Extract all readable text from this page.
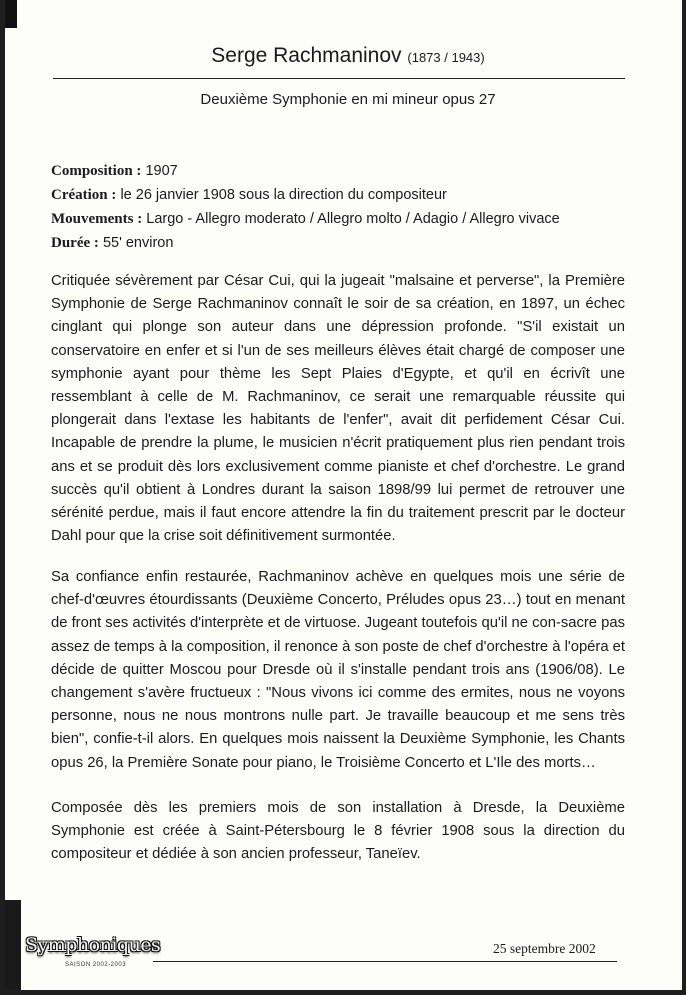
Serge Rachmaninov (1873 / 1943)
Deuxième Symphonie en mi mineur opus 27
Composition : 1907
Création : le 26 janvier 1908 sous la direction du compositeur
Mouvements : Largo - Allegro moderato / Allegro molto / Adagio / Allegro vivace
Durée : 55' environ

Critiquée sévèrement par César Cui, qui la jugeait "malsaine et perverse", la Première Symphonie de Serge Rachmaninov connaît le soir de sa création, en 1897, un échec cinglant qui plonge son auteur dans une dépression profonde. "S'il existait un conservatoire en enfer et si l'un de ses meilleurs élèves était chargé de composer une symphonie ayant pour thème les Sept Plaies d'Egypte, et qu'il en écrivît une ressemblant à celle de M. Rachmaninov, ce serait une remarquable réussite qui plongerait dans l'extase les habitants de l'enfer", avait dit perfidement César Cui. Incapable de prendre la plume, le musicien n'écrit pratiquement plus rien pendant trois ans et se produit dès lors exclusivement comme pianiste et chef d'orchestre. Le grand succès qu'il obtient à Londres durant la saison 1898/99 lui permet de retrouver une sérénité perdue, mais il faut encore attendre la fin du traitement prescrit par le docteur Dahl pour que la crise soit définitivement surmontée.

Sa confiance enfin restaurée, Rachmaninov achève en quelques mois une série de chef-d'œuvres étourdissants (Deuxième Concerto, Préludes opus 23…) tout en menant de front ses activités d'interprète et de virtuose. Jugeant toutefois qu'il ne con-sacre pas assez de temps à la composition, il renonce à son poste de chef d'orchestre à l'opéra et décide de quitter Moscou pour Dresde où il s'installe pendant trois ans (1906/08). Le changement s'avère fructueux : "Nous vivons ici comme des ermites, nous ne voyons personne, nous ne nous montrons nulle part. Je travaille beaucoup et me sens très bien", confie-t-il alors. En quelques mois naissent la Deuxième Symphonie, les Chants opus 26, la Première Sonate pour piano, le Troisième Concerto et L'Ile des morts…

Composée dès les premiers mois de son installation à Dresde, la Deuxième Symphonie est créée à Saint-Pétersbourg le 8 février 1908 sous la direction du compositeur et dédiée à son ancien professeur, Taneïev.

Symphoniques
SAISON 2002-2003
25 septembre 2002
